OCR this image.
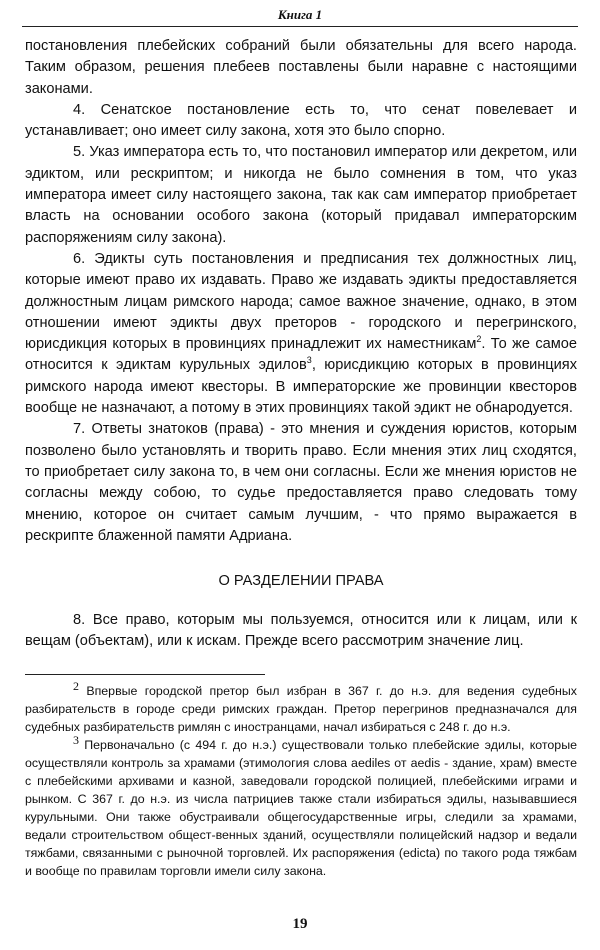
Книга 1

постановления плебейских собраний были обязательны для всего народа. Таким образом, решения плебеев поставлены были наравне с настоящими законами.

4. Сенатское постановление есть то, что сенат повелевает и устанавливает; оно имеет силу закона, хотя это было спорно.

5. Указ императора есть то, что постановил император или декретом, или эдиктом, или рескриптом; и никогда не было сомнения в том, что указ императора имеет силу настоящего закона, так как сам император приобретает власть на основании особого закона (который придавал императорским распоряжениям силу закона).

6. Эдикты суть постановления и предписания тех должностных лиц, которые имеют право их издавать. Право же издавать эдикты предоставляется должностным лицам римского народа; самое важное значение, однако, в этом отношении имеют эдикты двух преторов - городского и перегринского, юрисдикция которых в провинциях принадлежит их наместникам$^2$. То же самое относится к эдиктам курульных эдилов$^3$, юрисдикцию которых в провинциях римского народа имеют квесторы. В императорские же провинции квесторов вообще не назначают, а потому в этих провинциях такой эдикт не обнародуется.

7. Ответы знатоков (права) - это мнения и суждения юристов, которым позволено было установлять и творить право. Если мнения этих лиц сходятся, то приобретает силу закона то, в чем они согласны. Если же мнения юристов не согласны между собою, то судье предоставляется право следовать тому мнению, которое он считает самым лучшим, - что прямо выражается в рескрипте блаженной памяти Адриана.

О РАЗДЕЛЕНИИ ПРАВА

8. Все право, которым мы пользуемся, относится или к лицам, или к вещам (объектам), или к искам. Прежде всего рассмотрим значение лиц.

$^2$ Впервые городской претор был избран в 367 г. до н.э. для ведения судебных разбирательств в городе среди римских граждан. Претор перегринов предназначался для судебных разбирательств римлян с иностранцами, начал избираться с 248 г. до н.э.

$^3$ Первоначально (с 494 г. до н.э.) существовали только плебейские эдилы, которые осуществляли контроль за храмами (этимология слова aediles от aedis - здание, храм) вместе с плебейскими архивами и казной, заведовали городской полицией, плебейскими играми и рынком. С 367 г. до н.э. из числа патрициев также стали избираться эдилы, называвшиеся курульными. Они также обустраивали общегосударственные игры, следили за храмами, ведали строительством общест-венных зданий, осуществляли полицейский надзор и ведали тяжбами, связанными с рыночной торговлей. Их распоряжения (edicta) по такого рода тяжбам и вообще по правилам торговли имели силу закона.

19
